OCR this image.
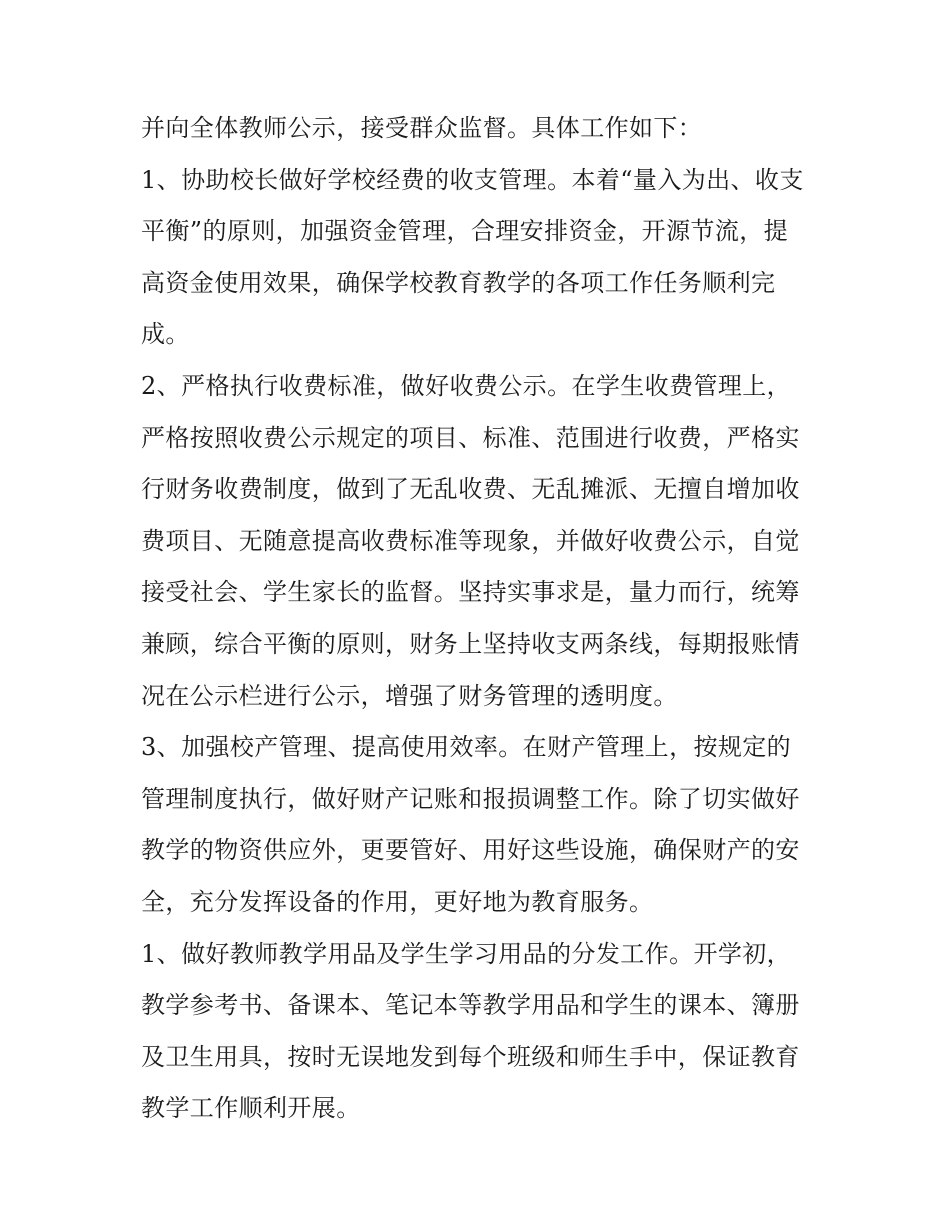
并向全体教师公示，接受群众监督。具体工作如下：
1、协助校长做好学校经费的收支管理。本着“量入为出、收支
平衡”的原则，加强资金管理，合理安排资金，开源节流，提
高资金使用效果，确保学校教育教学的各项工作任务顺利完
成。
2、严格执行收费标准，做好收费公示。在学生收费管理上，
严格按照收费公示规定的项目、标准、范围进行收费，严格实
行财务收费制度，做到了无乱收费、无乱摊派、无擅自增加收
费项目、无随意提高收费标准等现象，并做好收费公示，自觉
接受社会、学生家长的监督。坚持实事求是，量力而行，统筹
兼顾，综合平衡的原则，财务上坚持收支两条线，每期报账情
况在公示栏进行公示，增强了财务管理的透明度。
3、加强校产管理、提高使用效率。在财产管理上，按规定的
管理制度执行，做好财产记账和报损调整工作。除了切实做好
教学的物资供应外，更要管好、用好这些设施，确保财产的安
全，充分发挥设备的作用，更好地为教育服务。
1、做好教师教学用品及学生学习用品的分发工作。开学初，
教学参考书、备课本、笔记本等教学用品和学生的课本、簿册
及卫生用具，按时无误地发到每个班级和师生手中，保证教育
教学工作顺利开展。
